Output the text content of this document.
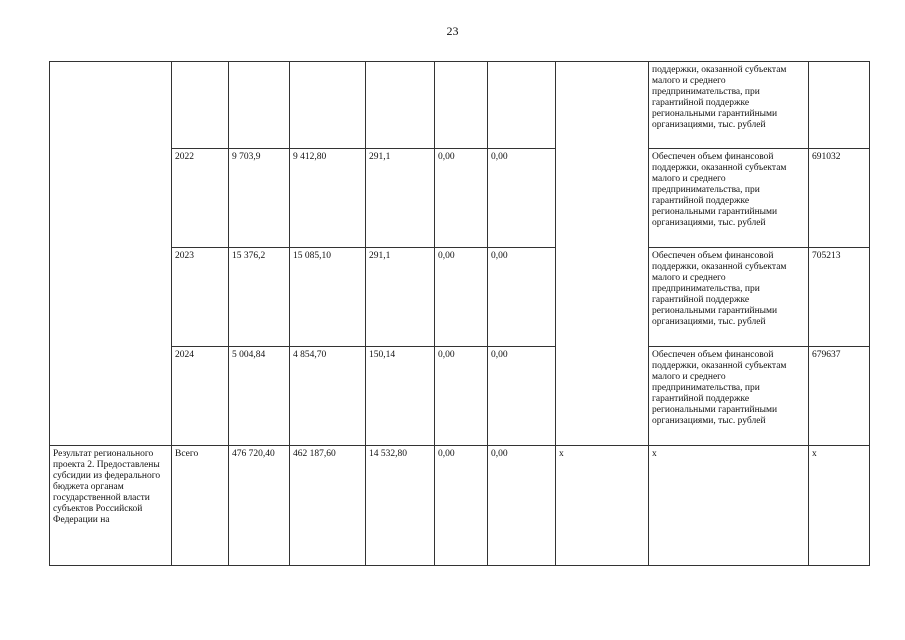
23
								поддержки, оказанной субъектам малого и среднего предпринимательства, при гарантийной поддержке региональными гарантийными организациями, тыс. рублей	
	2022	9 703,9	9 412,80	291,1	0,00	0,00		Обеспечен объем финансовой поддержки, оказанной субъектам малого и среднего предпринимательства, при гарантийной поддержке региональными гарантийными организациями, тыс. рублей	691032
	2023	15 376,2	15 085,10	291,1	0,00	0,00		Обеспечен объем финансовой поддержки, оказанной субъектам малого и среднего предпринимательства, при гарантийной поддержке региональными гарантийными организациями, тыс. рублей	705213
	2024	5 004,84	4 854,70	150,14	0,00	0,00		Обеспечен объем финансовой поддержки, оказанной субъектам малого и среднего предпринимательства, при гарантийной поддержке региональными гарантийными организациями, тыс. рублей	679637
Результат регионального проекта 2. Предоставлены субсидии из федерального бюджета органам государственной власти субъектов Российской Федерации на	Всего	476 720,40	462 187,60	14 532,80	0,00	0,00	x	x	x
